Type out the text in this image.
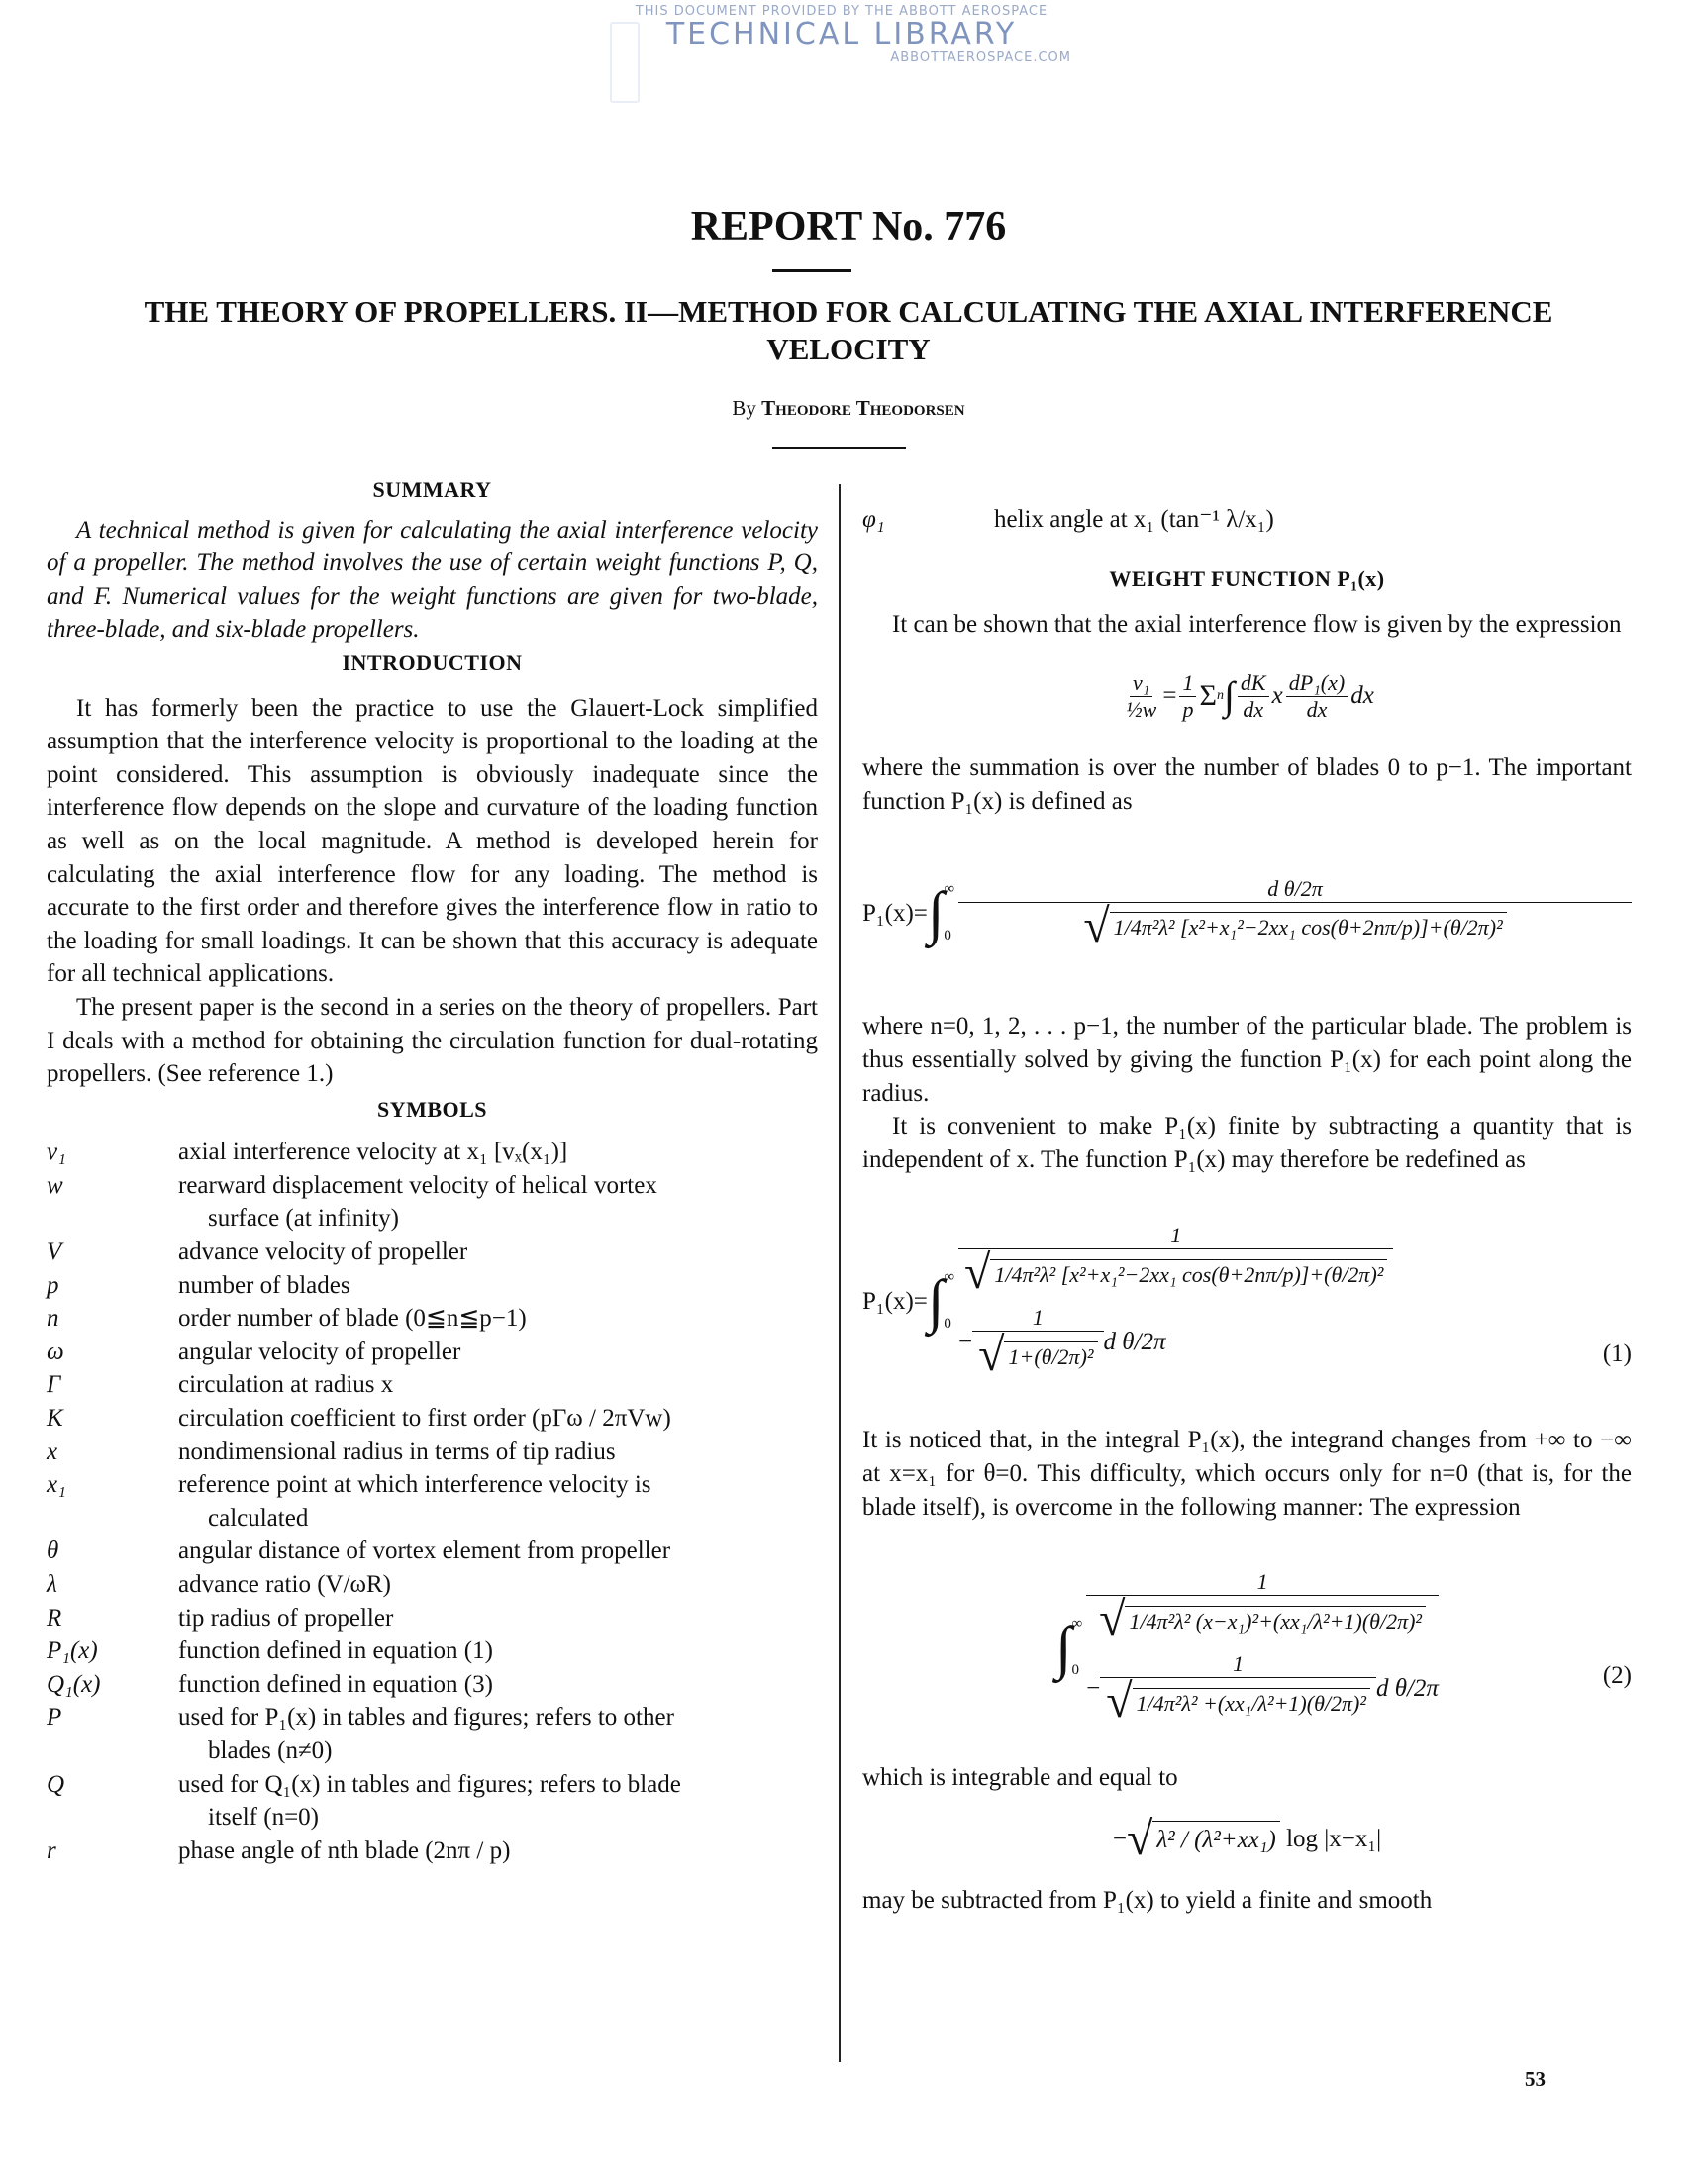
THIS DOCUMENT PROVIDED BY THE ABBOTT AEROSPACE
TECHNICAL LIBRARY
ABBOTTAEROSPACE.COM
REPORT No. 776
THE THEORY OF PROPELLERS. II—METHOD FOR CALCULATING THE AXIAL INTERFERENCE
VELOCITY
By Theodore Theodorsen
SUMMARY

A technical method is given for calculating the axial interference velocity of a propeller. The method involves the use of certain weight functions P, Q, and F. Numerical values for the weight functions are given for two-blade, three-blade, and six-blade propellers.

INTRODUCTION

It has formerly been the practice to use the Glauert-Lock simplified assumption that the interference velocity is proportional to the loading at the point considered. This assumption is obviously inadequate since the interference flow depends on the slope and curvature of the loading function as well as on the local magnitude. A method is developed herein for calculating the axial interference flow for any loading. The method is accurate to the first order and therefore gives the interference flow in ratio to the loading for small loadings. It can be shown that this accuracy is adequate for all technical applications.

The present paper is the second in a series on the theory of propellers. Part I deals with a method for obtaining the circulation function for dual-rotating propellers. (See reference 1.)

SYMBOLS
v₁	axial interference velocity at x₁ [vₓ(x₁)]
w	rearward displacement velocity of helical vortex
surface (at infinity)
V	advance velocity of propeller
p	number of blades
n	order number of blade (0≦n≦p−1)
ω	angular velocity of propeller
Γ	circulation at radius x
K	circulation coefficient to first order (pΓω / 2πVw)
x	nondimensional radius in terms of tip radius
x₁	reference point at which interference velocity is
calculated
θ	angular distance of vortex element from propeller
λ	advance ratio (V/ωR)
R	tip radius of propeller
P₁(x)	function defined in equation (1)
Q₁(x)	function defined in equation (3)
P	used for P₁(x) in tables and figures; refers to other
blades (n≠0)
Q	used for Q₁(x) in tables and figures; refers to blade
itself (n=0)
r	phase angle of nth blade (2nπ / p)
φ₁	helix angle at x₁ (tan⁻¹ λ/x₁)
WEIGHT FUNCTION P₁(x)

It can be shown that the axial interference flow is given by the expression

$\frac{\text{v₁}}{\text{½w}} = \frac{1}{p}$ Σ n ∫ $\frac{dK}{dx}$ x $\frac{\text{dP₁(x)}}{dx}$ dx

where the summation is over the number of blades 0 to p−1. The important function P₁(x) is defined as

P₁(x)= ∫ ∞
0 d θ/2π
√ 1/4π²λ²
[x²+x₁²−2xx₁ cos(θ+2nπ/p)] +(θ/2π)²

where n=0, 1, 2, . . . p−1, the number of the particular blade. The problem is thus essentially solved by giving the function P₁(x) for each point along the radius.

It is convenient to make P₁(x) finite by subtracting a quantity that is independent of x. The function P₁(x) may therefore be redefined as

P₁(x)= ∫ ∞
0
$\frac{1}{\text{√ 1/4π²λ² [x²+x₁²−2xx₁ cos(θ+2nπ/p)]+(θ/2π)²}}$
− $\frac{1}{\text{√ 1+(θ/2π)²}}$ d θ/2π	(1)

It is noticed that, in the integral P₁(x), the integrand changes from +∞ to −∞ at x=x₁ for θ=0. This difficulty, which occurs only for n=0 (that is, for the blade itself), is overcome in the following manner: The expression

∫ ∞
0
$\frac{1}{\text{√ 1/4π²λ² (x−x₁)²+(xx₁/λ²+1)(θ/2π)²}}$
− $\frac{1}{\text{√ 1/4π²λ² +(xx₁/λ²+1)(θ/2π)²}}$ d θ/2π	(2)

which is integrable and equal to

− √ λ² / (λ²+xx₁)
log |x−x₁|

may be subtracted from P₁(x) to yield a finite and smooth

53
